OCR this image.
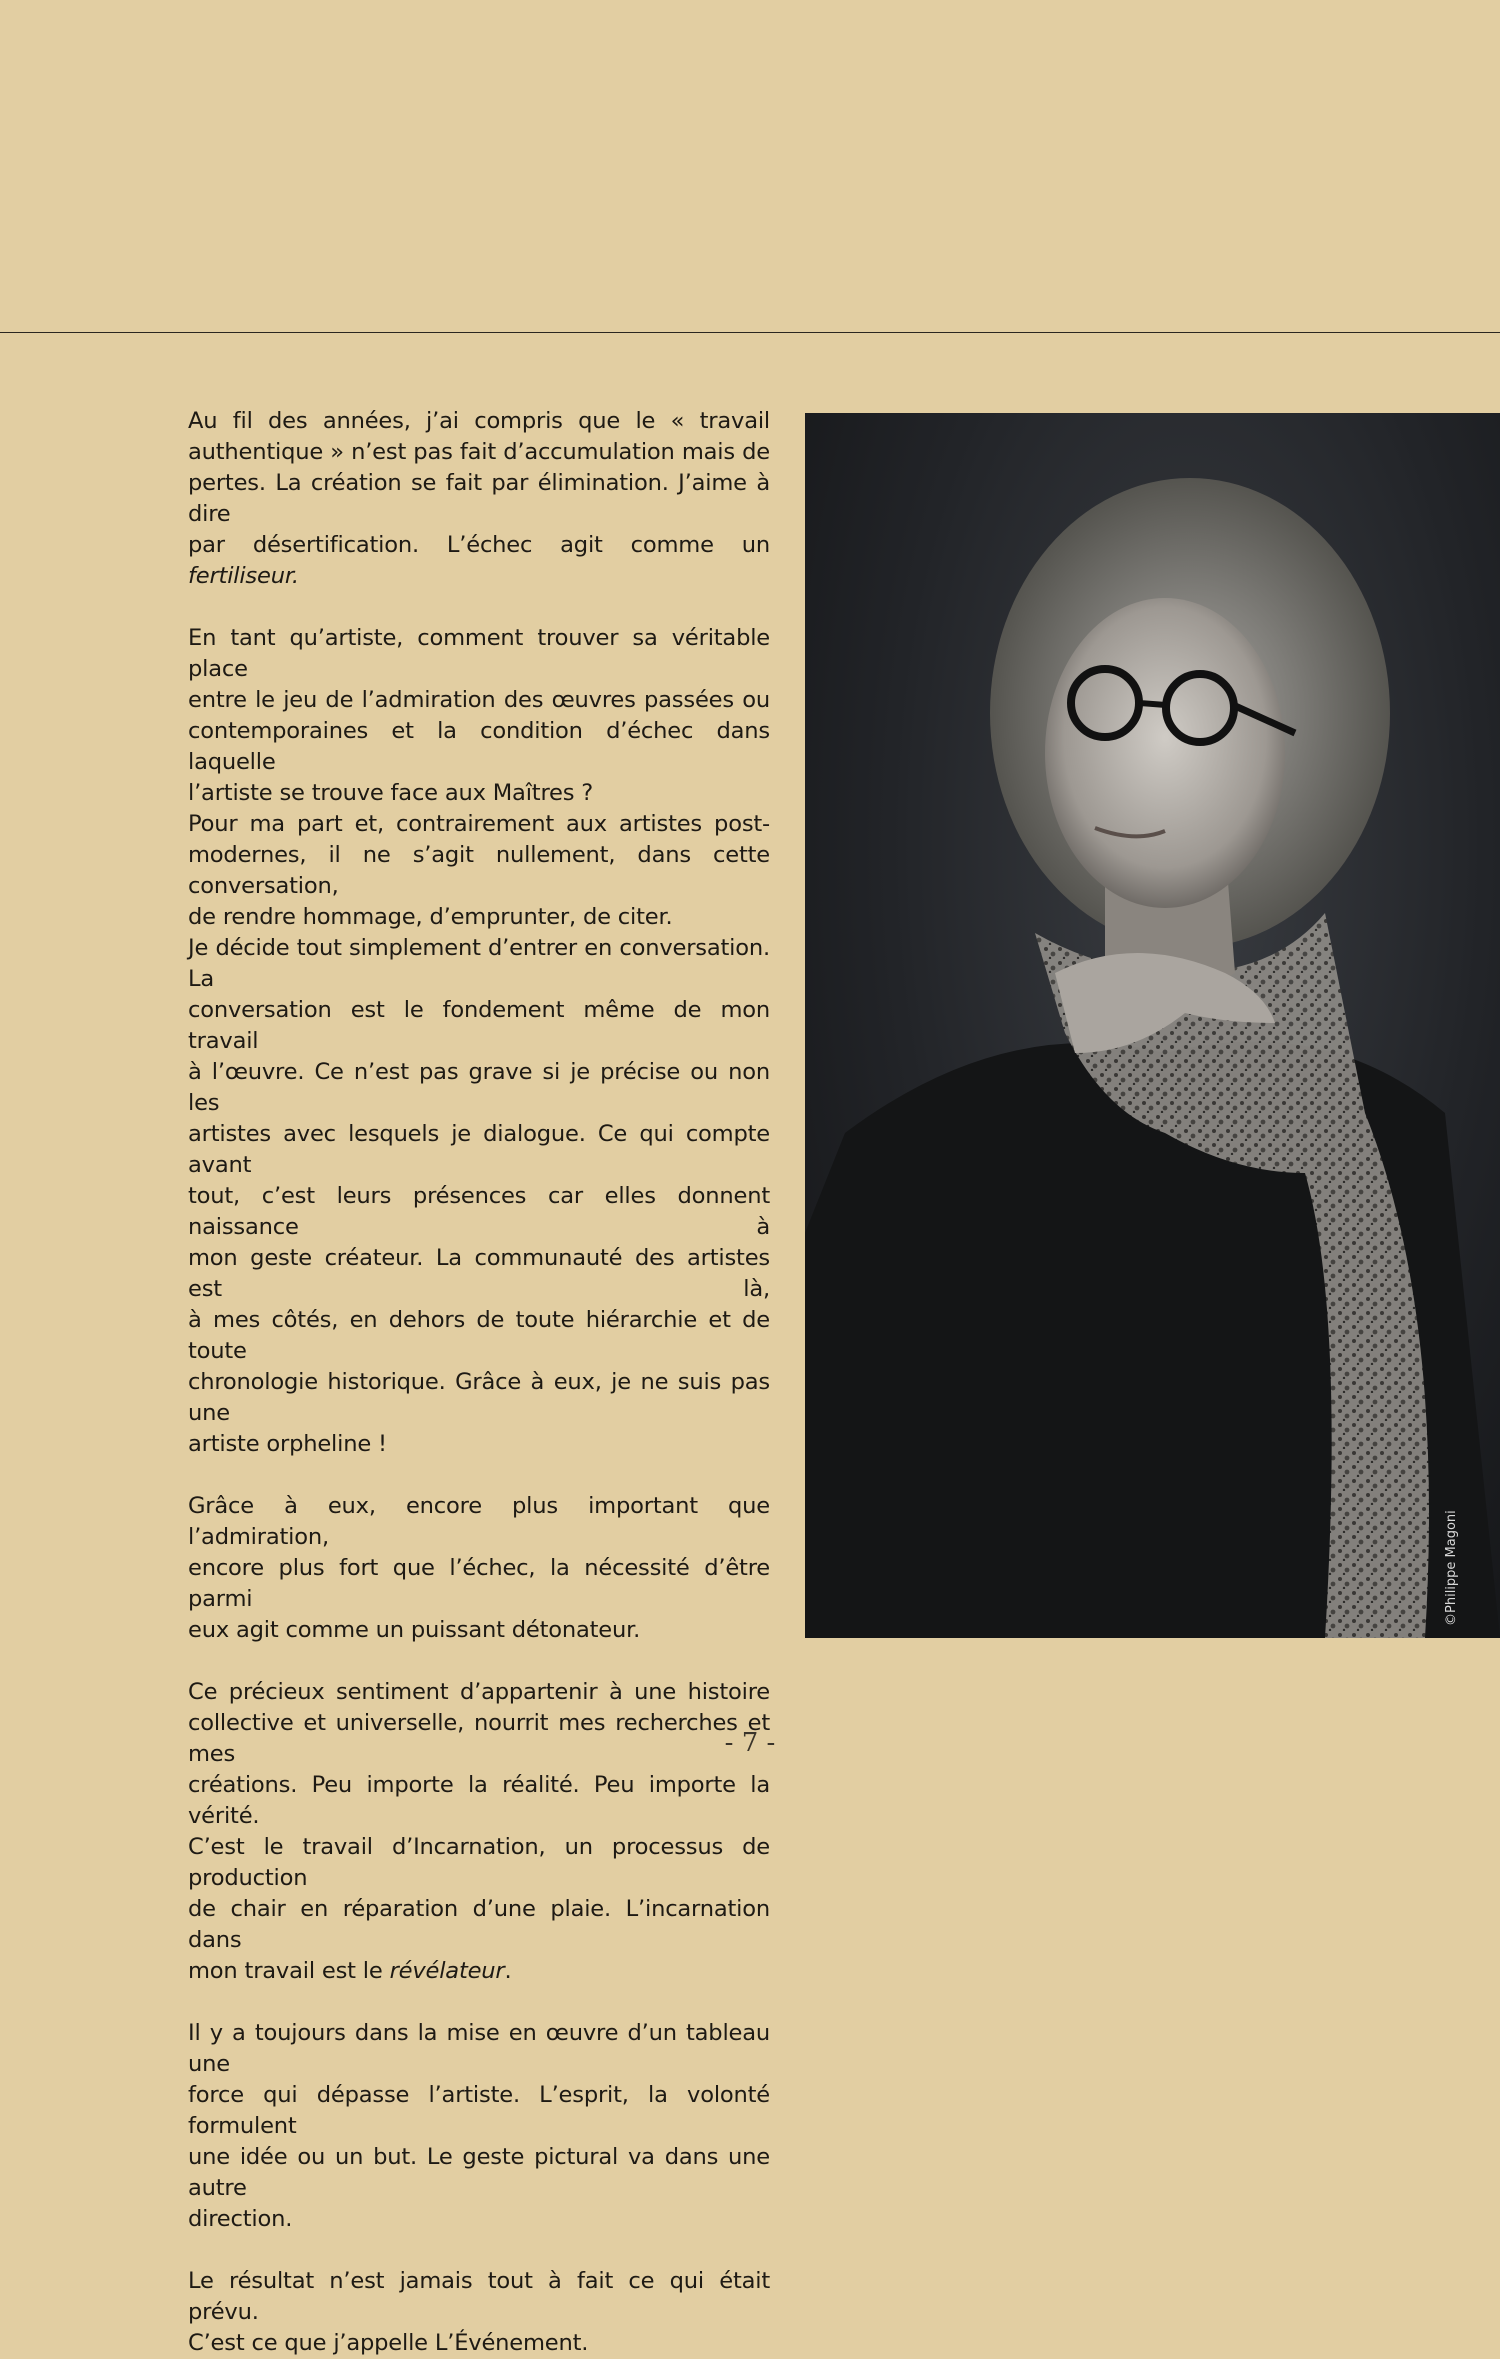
Au fil des années, j’ai compris que le « travail
authentique » n’est pas fait d’accumulation mais de
pertes. La création se fait par élimination. J’aime à dire
par désertification. L’échec agit comme un fertiliseur.

En tant qu’artiste, comment trouver sa véritable place
entre le jeu de l’admiration des œuvres passées ou
contemporaines et la condition d’échec dans laquelle
l’artiste se trouve face aux Maîtres ?

Pour ma part et, contrairement aux artistes post-
modernes, il ne s’agit nullement, dans cette conversation,
de rendre hommage, d’emprunter, de citer.

Je décide tout simplement d’entrer en conversation. La
conversation est le fondement même de mon travail
à l’œuvre. Ce n’est pas grave si je précise ou non les
artistes avec lesquels je dialogue. Ce qui compte avant
tout, c’est leurs présences car elles donnent naissance à
mon geste créateur. La communauté des artistes est là,
à mes côtés, en dehors de toute hiérarchie et de toute
chronologie historique. Grâce à eux, je ne suis pas une
artiste orpheline !

Grâce à eux, encore plus important que l’admiration,
encore plus fort que l’échec, la nécessité d’être parmi
eux agit comme un puissant détonateur.

Ce précieux sentiment d’appartenir à une histoire
collective et universelle, nourrit mes recherches et mes
créations. Peu importe la réalité. Peu importe la vérité.
C’est le travail d’Incarnation, un processus de production
de chair en réparation d’une plaie. L’incarnation dans
mon travail est le révélateur.

Il y a toujours dans la mise en œuvre d’un tableau une
force qui dépasse l’artiste. L’esprit, la volonté formulent
une idée ou un but. Le geste pictural va dans une autre
direction.

Le résultat n’est jamais tout à fait ce qui était prévu.
C’est ce que j’appelle L’Événement.

©Philippe Magoni
- 7 -
